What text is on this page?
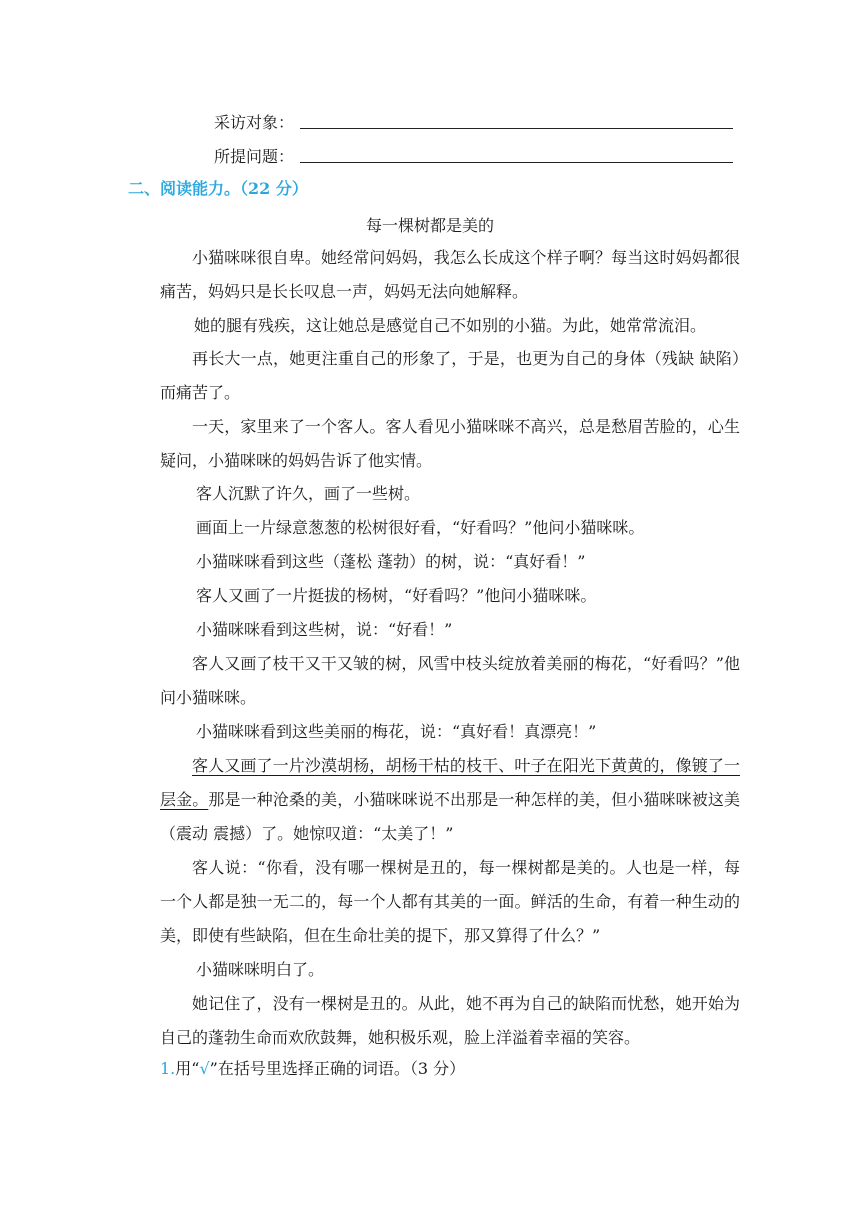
采访对象：
所提问题：
二、阅读能力。（22 分）
每一棵树都是美的
小猫咪咪很自卑。她经常问妈妈，我怎么长成这个样子啊？每当这时妈妈都很痛苦，妈妈只是长长叹息一声，妈妈无法向她解释。
她的腿有残疾，这让她总是感觉自己不如别的小猫。为此，她常常流泪。
再长大一点，她更注重自己的形象了，于是，也更为自己的身体（残缺 缺陷）而痛苦了。
一天，家里来了一个客人。客人看见小猫咪咪不高兴，总是愁眉苦脸的，心生疑问，小猫咪咪的妈妈告诉了他实情。
客人沉默了许久，画了一些树。
画面上一片绿意葱葱的松树很好看，“好看吗？”他问小猫咪咪。
小猫咪咪看到这些（蓬松 蓬勃）的树，说：“真好看！”
客人又画了一片挺拔的杨树，“好看吗？”他问小猫咪咪。
小猫咪咪看到这些树，说：“好看！”
客人又画了枝干又干又皱的树，风雪中枝头绽放着美丽的梅花，“好看吗？”他问小猫咪咪。
小猫咪咪看到这些美丽的梅花，说：“真好看！真漂亮！”
客人又画了一片沙漠胡杨，胡杨干枯的枝干、叶子在阳光下黄黄的，像镀了一层金。那是一种沧桑的美，小猫咪咪说不出那是一种怎样的美，但小猫咪咪被这美（震动 震撼）了。她惊叹道：“太美了！”
客人说：“你看，没有哪一棵树是丑的，每一棵树都是美的。人也是一样，每一个人都是独一无二的，每一个人都有其美的一面。鲜活的生命，有着一种生动的美，即使有些缺陷，但在生命壮美的提下，那又算得了什么？”
小猫咪咪明白了。
她记住了，没有一棵树是丑的。从此，她不再为自己的缺陷而忧愁，她开始为自己的蓬勃生命而欢欣鼓舞，她积极乐观，脸上洋溢着幸福的笑容。
1.用“√”在括号里选择正确的词语。（3 分）
